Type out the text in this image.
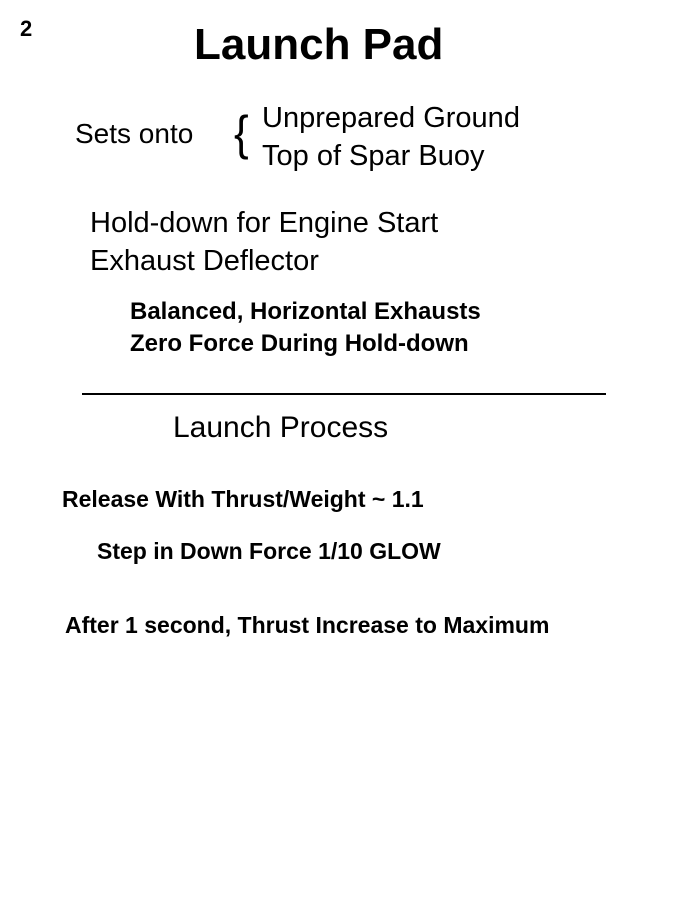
2	Launch Pad
Sets onto { Unprepared Ground
Top of Spar Buoy
Hold-down for Engine Start
Exhaust Deflector
Balanced, Horizontal Exhausts
Zero Force During Hold-down
Launch Process
Release With Thrust/Weight ~ 1.1
Step in Down Force 1/10 GLOW
After 1 second, Thrust Increase to Maximum
